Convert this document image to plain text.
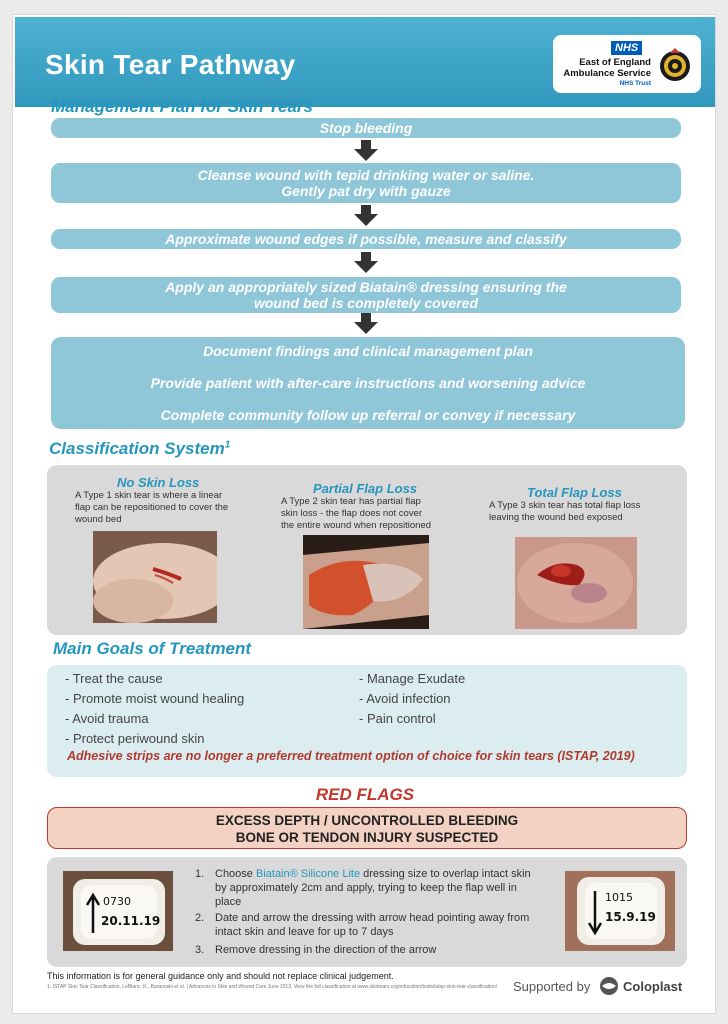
Skin Tear Pathway
NHS
East of England
Ambulance Service
NHS Trust
Management Plan for Skin Tears
Stop bleeding
Cleanse wound with tepid drinking water or saline.
Gently pat dry with gauze
Approximate wound edges if possible, measure and classify
Apply an appropriately sized Biatain® dressing ensuring the
wound bed is completely covered
Document findings and clinical management plan
Provide patient with after-care instructions and worsening advice
Complete community follow up referral or convey if necessary
Classification System$^1$
No Skin Loss
A Type 1 skin tear is where a linear
flap can be repositioned to cover the
wound bed
Partial Flap Loss
A Type 2 skin tear has partial flap
skin loss - the flap does not cover
the entire wound when repositioned
Total Flap Loss
A Type 3 skin tear has total flap loss
leaving the wound bed exposed
Main Goals of Treatment
- Treat the cause
- Promote moist wound healing
- Avoid trauma
- Protect periwound skin
- Manage Exudate
- Avoid infection
- Pain control
Adhesive strips are no longer a preferred treatment option of choice for skin tears (ISTAP, 2019)
RED FLAGS
EXCESS DEPTH / UNCONTROLLED BLEEDING
BONE OR TENDON INJURY SUSPECTED
0730
20.11.19
1. Choose Biatain® Silicone Lite dressing size to overlap intact skin by approximately 2cm and apply, trying to keep the flap well in place
2. Date and arrow the dressing with arrow head pointing away from intact skin and leave for up to 7 days
3. Remove dressing in the direction of the arrow
1015
15.9.19
This information is for general guidance only and should not replace clinical judgement.
1. ISTAP Skin Tear Classification, LeBlanc, K., Baranoski et al. | Advances in Skin and Wound Care June 2013. View the full classification at www.skintears.org/education/tools/istap-skin-tear-classification/ Supported by	Coloplast
